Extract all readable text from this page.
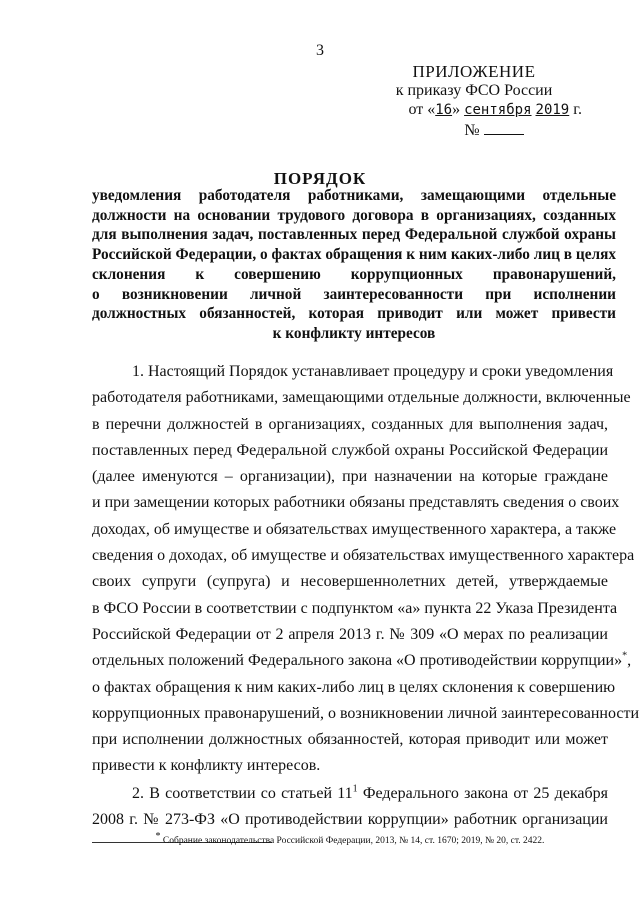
3
ПРИЛОЖЕНИЕ
к приказу ФСО России
от «16» сентября 2019 г.
№
ПОРЯДОК
уведомления работодателя работниками, замещающими отдельные
должности на основании трудового договора в организациях, созданных
для выполнения задач, поставленных перед Федеральной службой охраны
Российской Федерации, о фактах обращения к ним каких-либо лиц в целях
склонения к совершению коррупционных правонарушений,
о возникновении личной заинтересованности при исполнении
должностных обязанностей, которая приводит или может привести
к конфликту интересов
1. Настоящий Порядок устанавливает процедуру и сроки уведомления
работодателя работниками, замещающими отдельные должности, включенные
в перечни должностей в организациях, созданных для выполнения задач,
поставленных перед Федеральной службой охраны Российской Федерации
(далее именуются – организации), при назначении на которые граждане
и при замещении которых работники обязаны представлять сведения о своих
доходах, об имуществе и обязательствах имущественного характера, а также
сведения о доходах, об имуществе и обязательствах имущественного характера
своих супруги (супруга) и несовершеннолетних детей, утверждаемые
в ФСО России в соответствии с подпунктом «а» пункта 22 Указа Президента
Российской Федерации от 2 апреля 2013 г. № 309 «О мерах по реализации
отдельных положений Федерального закона «О противодействии коррупции»*,
о фактах обращения к ним каких-либо лиц в целях склонения к совершению
коррупционных правонарушений, о возникновении личной заинтересованности
при исполнении должностных обязанностей, которая приводит или может
привести к конфликту интересов.
2. В соответствии со статьей $11^1$ Федерального закона от 25 декабря
2008 г. № 273-ФЗ «О противодействии коррупции» работник организации
* Собрание законодательства Российской Федерации, 2013, № 14, ст. 1670; 2019, № 20, ст. 2422.
